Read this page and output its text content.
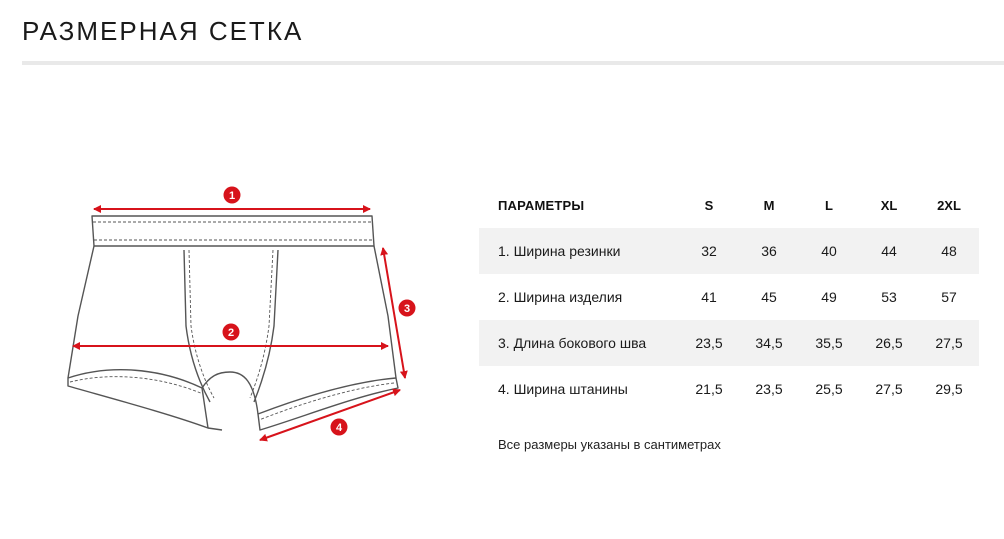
РАЗМЕРНАЯ СЕТКА
1
2
3
4
ПАРАМЕТРЫ	S	M	L	XL	2XL
1. Ширина резинки	32	36	40	44	48
2. Ширина изделия	41	45	49	53	57
3. Длина бокового шва	23,5	34,5	35,5	26,5	27,5
4. Ширина штанины	21,5	23,5	25,5	27,5	29,5
Все размеры указаны в сантиметрах
